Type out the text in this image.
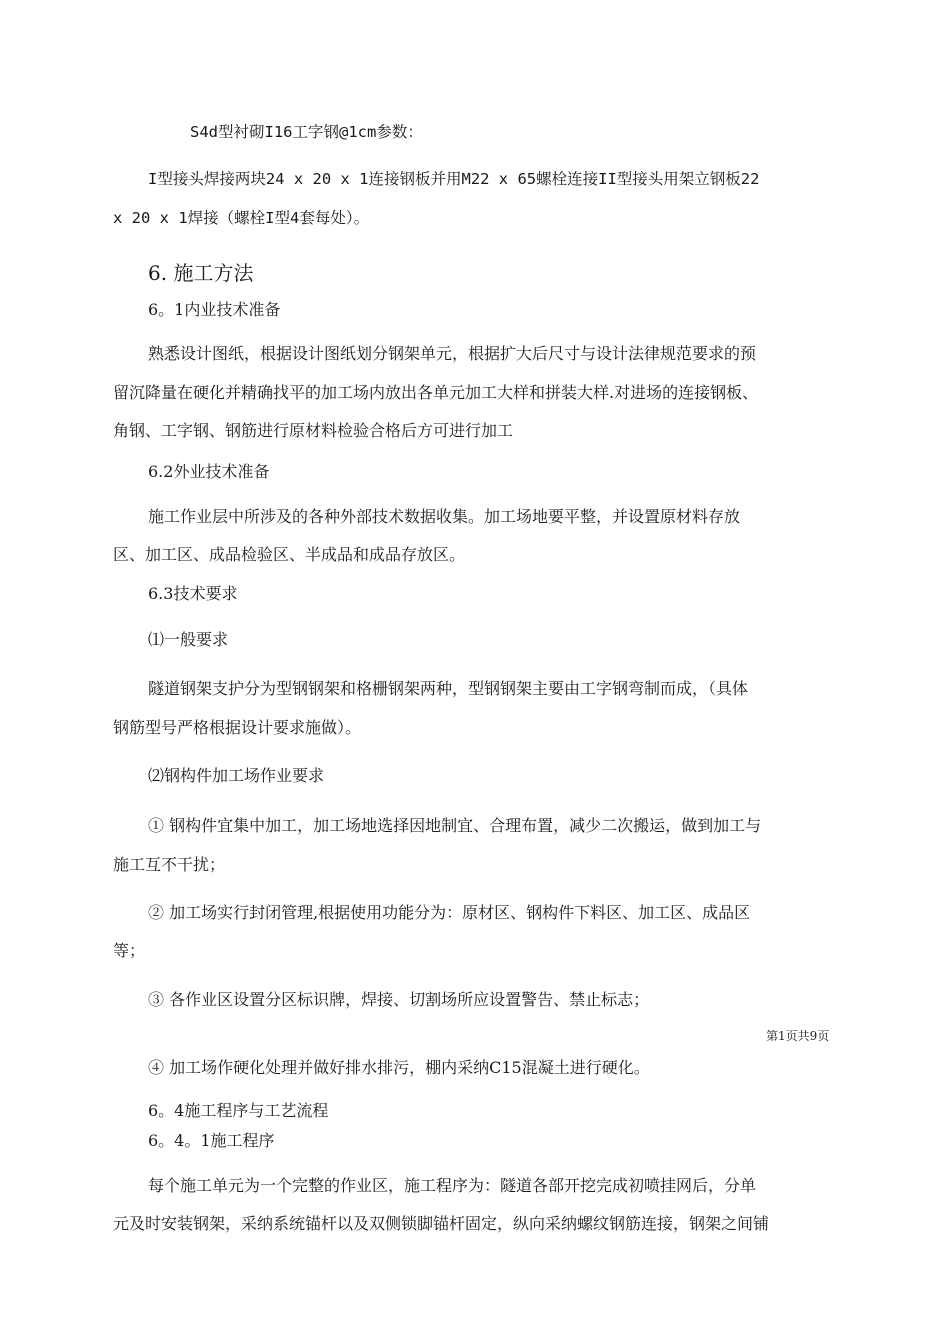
S4d型衬砌I16工字钢@1cm参数：
I型接头焊接两块24 x 20 x 1连接钢板并用M22 x 65螺栓连接II型接头用架立钢板22
x 20 x 1焊接（螺栓I型4套每处）。
6. 施工方法
6。1内业技术准备
熟悉设计图纸，根据设计图纸划分钢架单元，根据扩大后尺寸与设计法律规范要求的预
留沉降量在硬化并精确找平的加工场内放出各单元加工大样和拼装大样.对进场的连接钢板、
角钢、工字钢、钢筋进行原材料检验合格后方可进行加工
6.2外业技术准备
施工作业层中所涉及的各种外部技术数据收集。加工场地要平整，并设置原材料存放
区、加工区、成品检验区、半成品和成品存放区。
6.3技术要求
⑴一般要求
隧道钢架支护分为型钢钢架和格栅钢架两种，型钢钢架主要由工字钢弯制而成，（具体
钢筋型号严格根据设计要求施做）。
⑵钢构件加工场作业要求
① 钢构件宜集中加工，加工场地选择因地制宜、合理布置，减少二次搬运，做到加工与
施工互不干扰；
② 加工场实行封闭管理,根据使用功能分为：原材区、钢构件下料区、加工区、成品区
等；
③ 各作业区设置分区标识牌，焊接、切割场所应设置警告、禁止标志；
第1页共9页
④ 加工场作硬化处理并做好排水排污，棚内采纳C15混凝土进行硬化。
6。4施工程序与工艺流程
6。4。1施工程序
每个施工单元为一个完整的作业区，施工程序为：隧道各部开挖完成初喷挂网后，分单
元及时安装钢架，采纳系统锚杆以及双侧锁脚锚杆固定，纵向采纳螺纹钢筋连接，钢架之间铺
